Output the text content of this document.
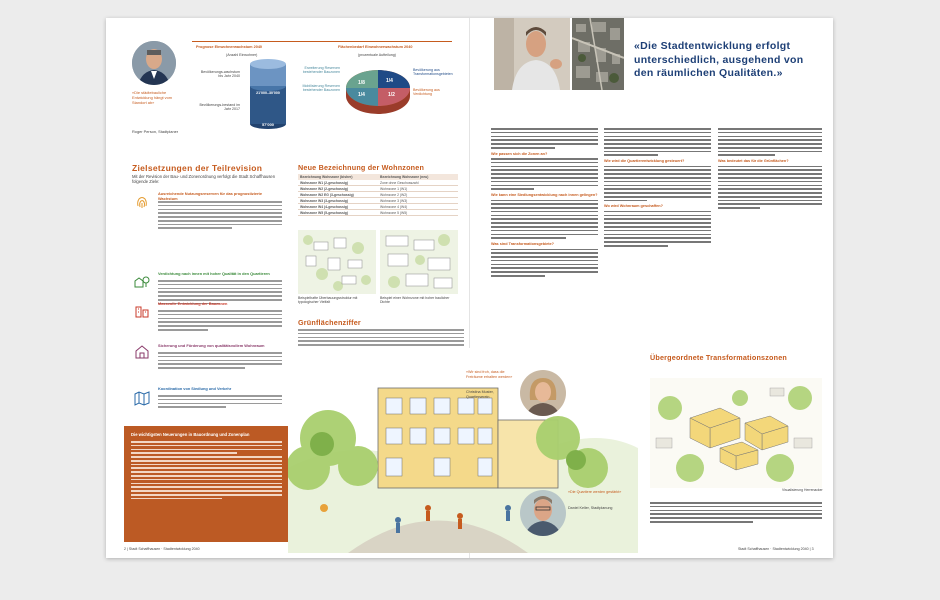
«Die städtebauliche Entwicklung hängt vom Standort ab»
Roger Person, Stadtplaner
Prognose Einwohnerwachstum 2040
(Anzahl Einwohner)
21'000–30'000
57'000
Bevölkerungs-wachstum bis Jahr 2040
Bevölkerungs-bestand im Jahr 2017
Flächenbedarf Einwohnerwachstum 2040
(prozentuale Aufteilung)
1/4
1/2
1/4
1/8
Erweiterung Reserven bestehender Bauzonen
Mobilisierung Reserven bestehender Bauzonen
Bevölkerung aus Transformationsgebieten
Bevölkerung aus Verdichtung
Zielsetzungen der Teilrevision
Mit der Revision der Bau- und Zonenordnung verfolgt die Stadt Schaffhausen folgende Ziele:
Ausreichende Nutzungsreserven für das prognostizierte Wachstum
Verdichtung nach innen mit hoher Qualität in den Quartieren
Massvolle Entwicklung der Bauzonen
Sicherung und Förderung von qualitätsvollem Wohnraum
Koordination von Siedlung und Verkehr
Die wichtigsten Neuerungen in Bauordnung und Zonenplan
2 | Stadt Schaffhausen · Stadtentwicklung 2040
Neue Bezeichnung der Wohnzonen
Bezeichnung Wohnzone (bisher)	Bezeichnung Wohnzone (neu)
Wohnzone W1 (2-geschossig)	Zone ohne Geschosszahl
Wohnzone W2 (2-geschossig)	Wohnzone 1 (W1)
Wohnzone W2 EG (3-geschossig)	Wohnzone 2 (W2)
Wohnzone W3 (3-geschossig)	Wohnzone 3 (W3)
Wohnzone W4 (4-geschossig)	Wohnzone 4 (W4)
Wohnzone W5 (5-geschossig)	Wohnzone 5 (W5)
Beispielhafte Überbauungsstruktur mit typologischer Vielfalt
Beispiel einer Wohnzone mit hoher baulicher Dichte
Grünflächenziffer
«Die Stadtentwicklung erfolgt unterschiedlich, ausgehend von den räumlichen Qualitäten.»
Wie passen sich die Zonen an?
Wie kann eine Siedlungsentwicklung nach innen gelingen?
Was sind Transformationsgebiete?
Wie wird die Quartierentwicklung gesteuert?
Wo wird Wohnraum geschaffen?
Was bedeutet das für die Grünflächen?
«Wir sind froh, dass die Freiräume erhalten werden»
Christina Muster, Quartierverein
«Die Quartiere werden gestärkt»
Daniel Keller, Stadtplanung
Übergeordnete Transformationszonen
Visualisierung Herrenacker
Stadt Schaffhausen · Stadtentwicklung 2040 | 3
